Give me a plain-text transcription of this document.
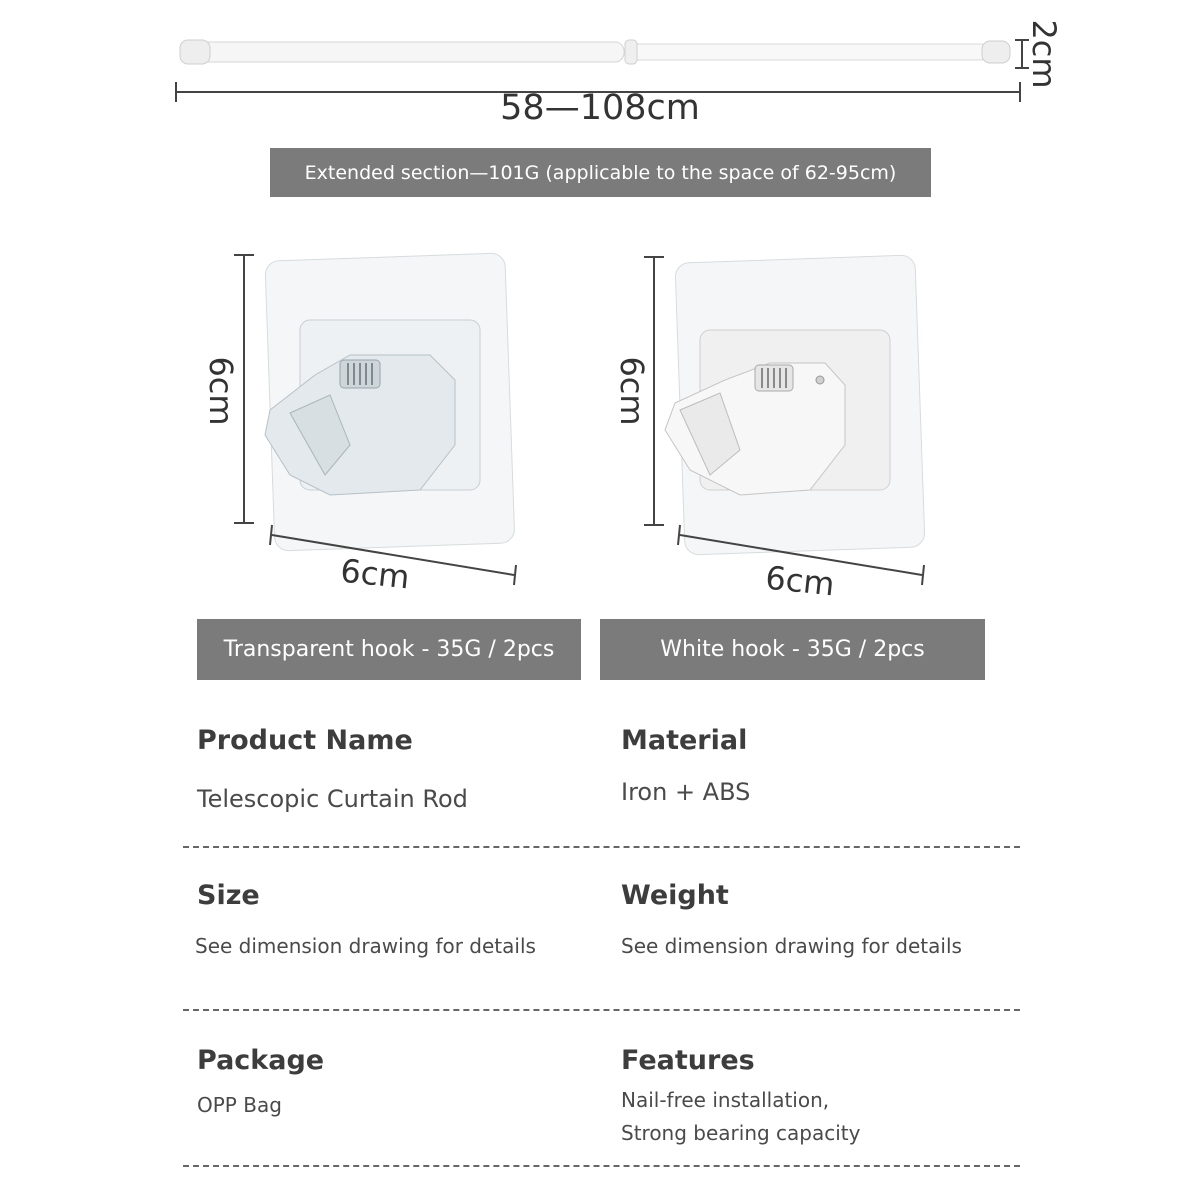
58—108cm
2cm
Extended section—101G (applicable to the space of 62-95cm)
6cm
6cm
6cm
6cm
Transparent hook - 35G / 2pcs	White hook - 35G / 2pcs
Product Name
Telescopic Curtain Rod
Material
Iron + ABS
Size
See dimension drawing for details
Weight
See dimension drawing for details
Package
OPP Bag
Features
Nail-free installation,
Strong bearing capacity
